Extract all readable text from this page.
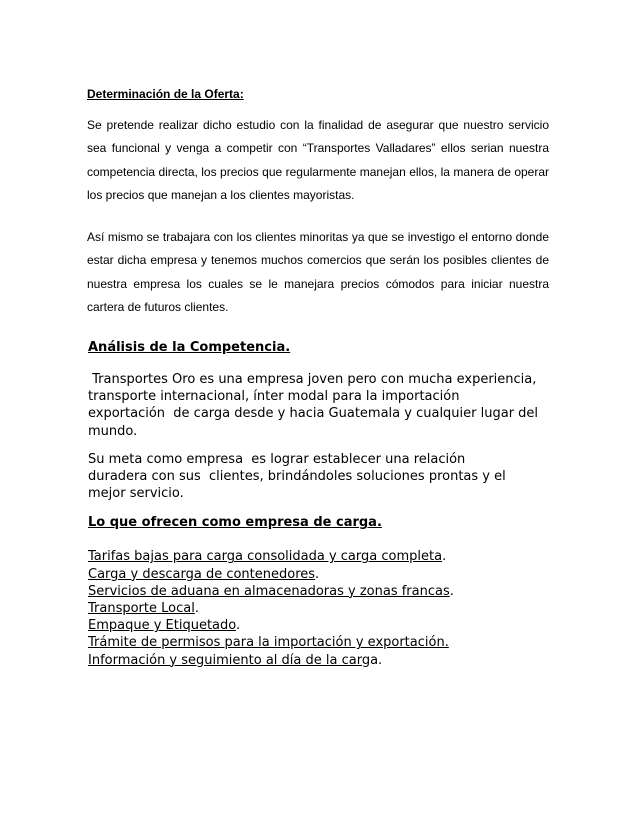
Determinación de la Oferta:

Se pretende realizar dicho estudio con la finalidad de asegurar que nuestro servicio sea funcional y venga a competir con “Transportes Valladares” ellos serian nuestra competencia directa, los precios que regularmente manejan ellos, la manera de operar los precios que manejan a los clientes mayoristas.

Así mismo se trabajara con los clientes minoritas ya que se investigo el entorno donde estar dicha empresa y tenemos muchos comercios que serán los posibles clientes de nuestra empresa los cuales se le manejara precios cómodos para iniciar nuestra cartera de futuros clientes.

Análisis de la Competencia.

Transportes Oro es una empresa joven pero con mucha experiencia,
transporte internacional, ínter modal para la importación
exportación  de carga desde y hacia Guatemala y cualquier lugar del
mundo.

Su meta como empresa  es lograr establecer una relación
duradera con sus  clientes, brindándoles soluciones prontas y el
mejor servicio.

Lo que ofrecen como empresa de carga.

Tarifas bajas para carga consolidada y carga completa.
Carga y descarga de contenedores.
Servicios de aduana en almacenadoras y zonas francas.
Transporte Local.
Empaque y Etiquetado.
Trámite de permisos para la importación y exportación.
Información y seguimiento al día de la carga.
